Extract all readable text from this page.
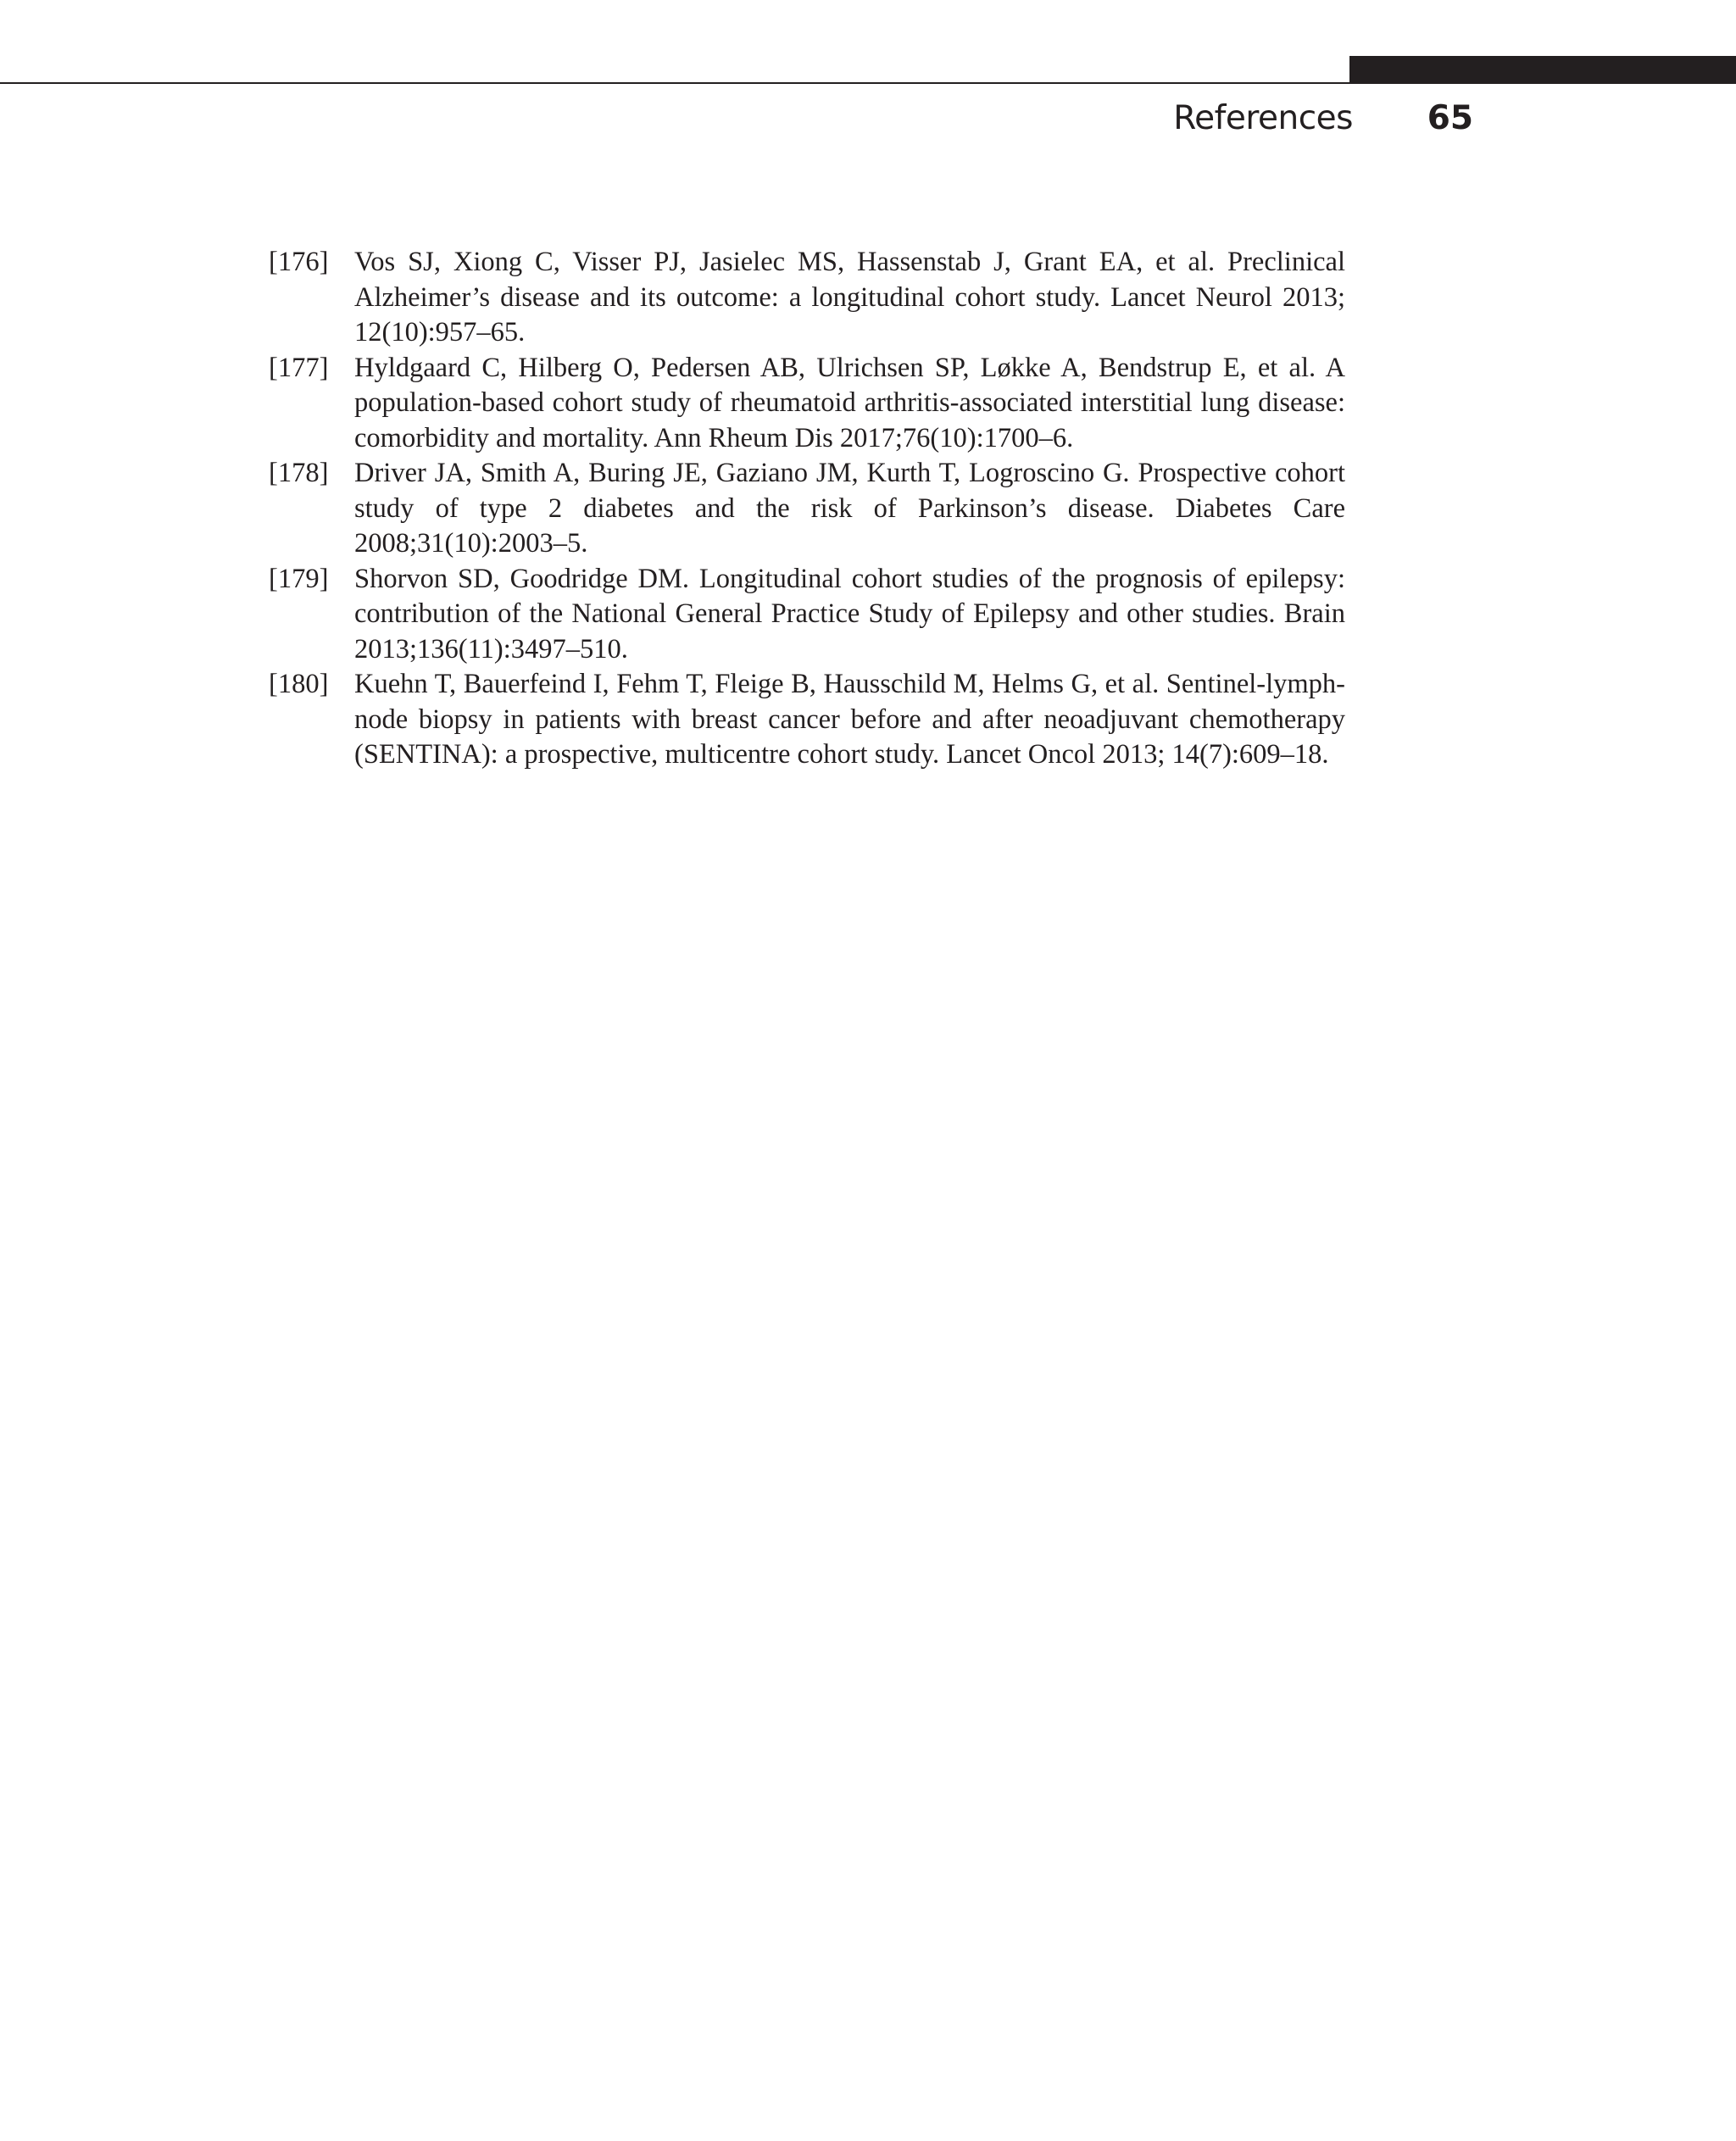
References 65
[176] Vos SJ, Xiong C, Visser PJ, Jasielec MS, Hassenstab J, Grant EA, et al. Preclinical Alzheimer’s disease and its outcome: a longitudinal cohort study. Lancet Neurol 2013; 12(10):957–65.
[177] Hyldgaard C, Hilberg O, Pedersen AB, Ulrichsen SP, Løkke A, Bendstrup E, et al. A population-based cohort study of rheumatoid arthritis-associated interstitial lung disease: comorbidity and mortality. Ann Rheum Dis 2017;76(10):1700–6.
[178] Driver JA, Smith A, Buring JE, Gaziano JM, Kurth T, Logroscino G. Prospective cohort study of type 2 diabetes and the risk of Parkinson’s disease. Diabetes Care 2008;31(10):2003–5.
[179] Shorvon SD, Goodridge DM. Longitudinal cohort studies of the prognosis of epilepsy: contribution of the National General Practice Study of Epilepsy and other studies. Brain 2013;136(11):3497–510.
[180] Kuehn T, Bauerfeind I, Fehm T, Fleige B, Hausschild M, Helms G, et al. Sentinel-lymph-node biopsy in patients with breast cancer before and after neoadjuvant chemotherapy (SENTINA): a prospective, multicentre cohort study. Lancet Oncol 2013; 14(7):609–18.
